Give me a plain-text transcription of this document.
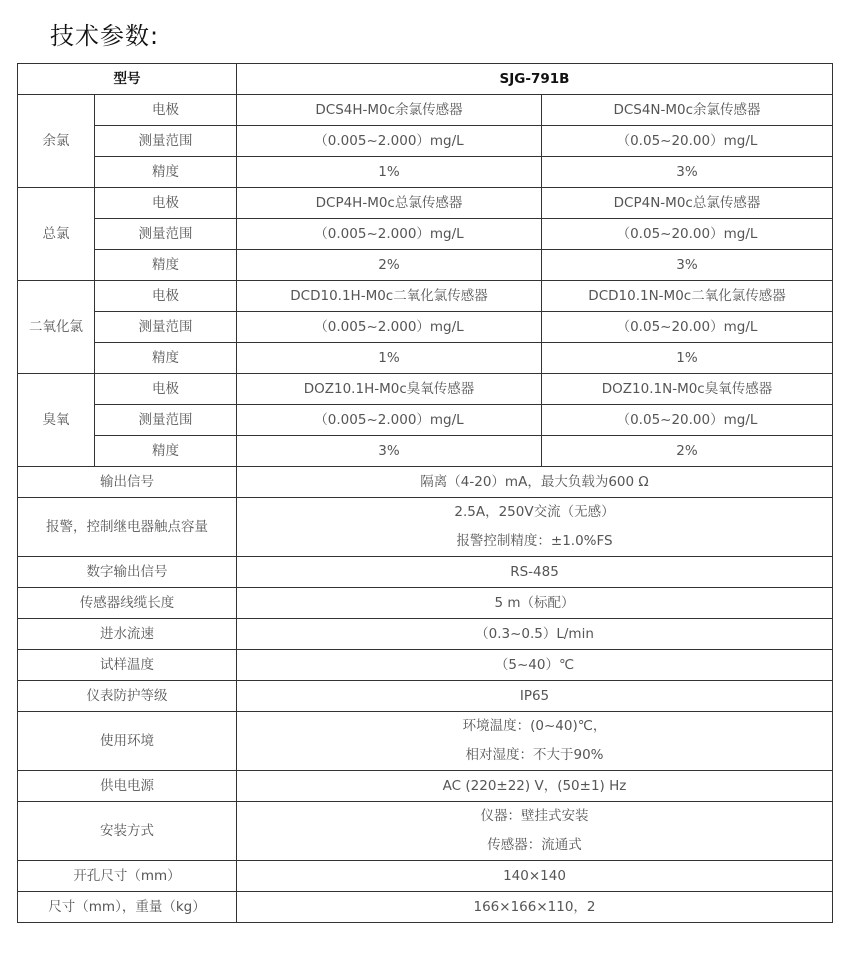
技术参数:
型号		SJG-791B	
余氯	电极	DCS4H-M0c余氯传感器	DCS4N-M0c余氯传感器
	测量范围	（0.005~2.000）mg/L	（0.05~20.00）mg/L
	精度	1%	3%
总氯	电极	DCP4H-M0c总氯传感器	DCP4N-M0c总氯传感器
	测量范围	（0.005~2.000）mg/L	（0.05~20.00）mg/L
	精度	2%	3%
二氧化氯	电极	DCD10.1H-M0c二氧化氯传感器	DCD10.1N-M0c二氧化氯传感器
	测量范围	（0.005~2.000）mg/L	（0.05~20.00）mg/L
	精度	1%	1%
臭氧	电极	DOZ10.1H-M0c臭氧传感器	DOZ10.1N-M0c臭氧传感器
	测量范围	（0.005~2.000）mg/L	（0.05~20.00）mg/L
	精度	3%	2%
输出信号		隔离（4-20）mA，最大负载为600 Ω	

报警，控制继电器触点容量		2.5A，250V交流（无感）
报警控制精度：±1.0%FS	

数字输出信号		RS-485	

传感器线缆长度		5 m（标配）	

进水流速		（0.3~0.5）L/min	

试样温度		（5~40）℃	

仪表防护等级		IP65	

使用环境		环境温度：(0~40)℃，
相对湿度：不大于90%	

供电电源		AC (220±22) V，(50±1) Hz	

安装方式		仪器：壁挂式安装
传感器：流通式	

开孔尺寸（mm）		140×140	

尺寸（mm），重量（kg）		166×166×110，2	
